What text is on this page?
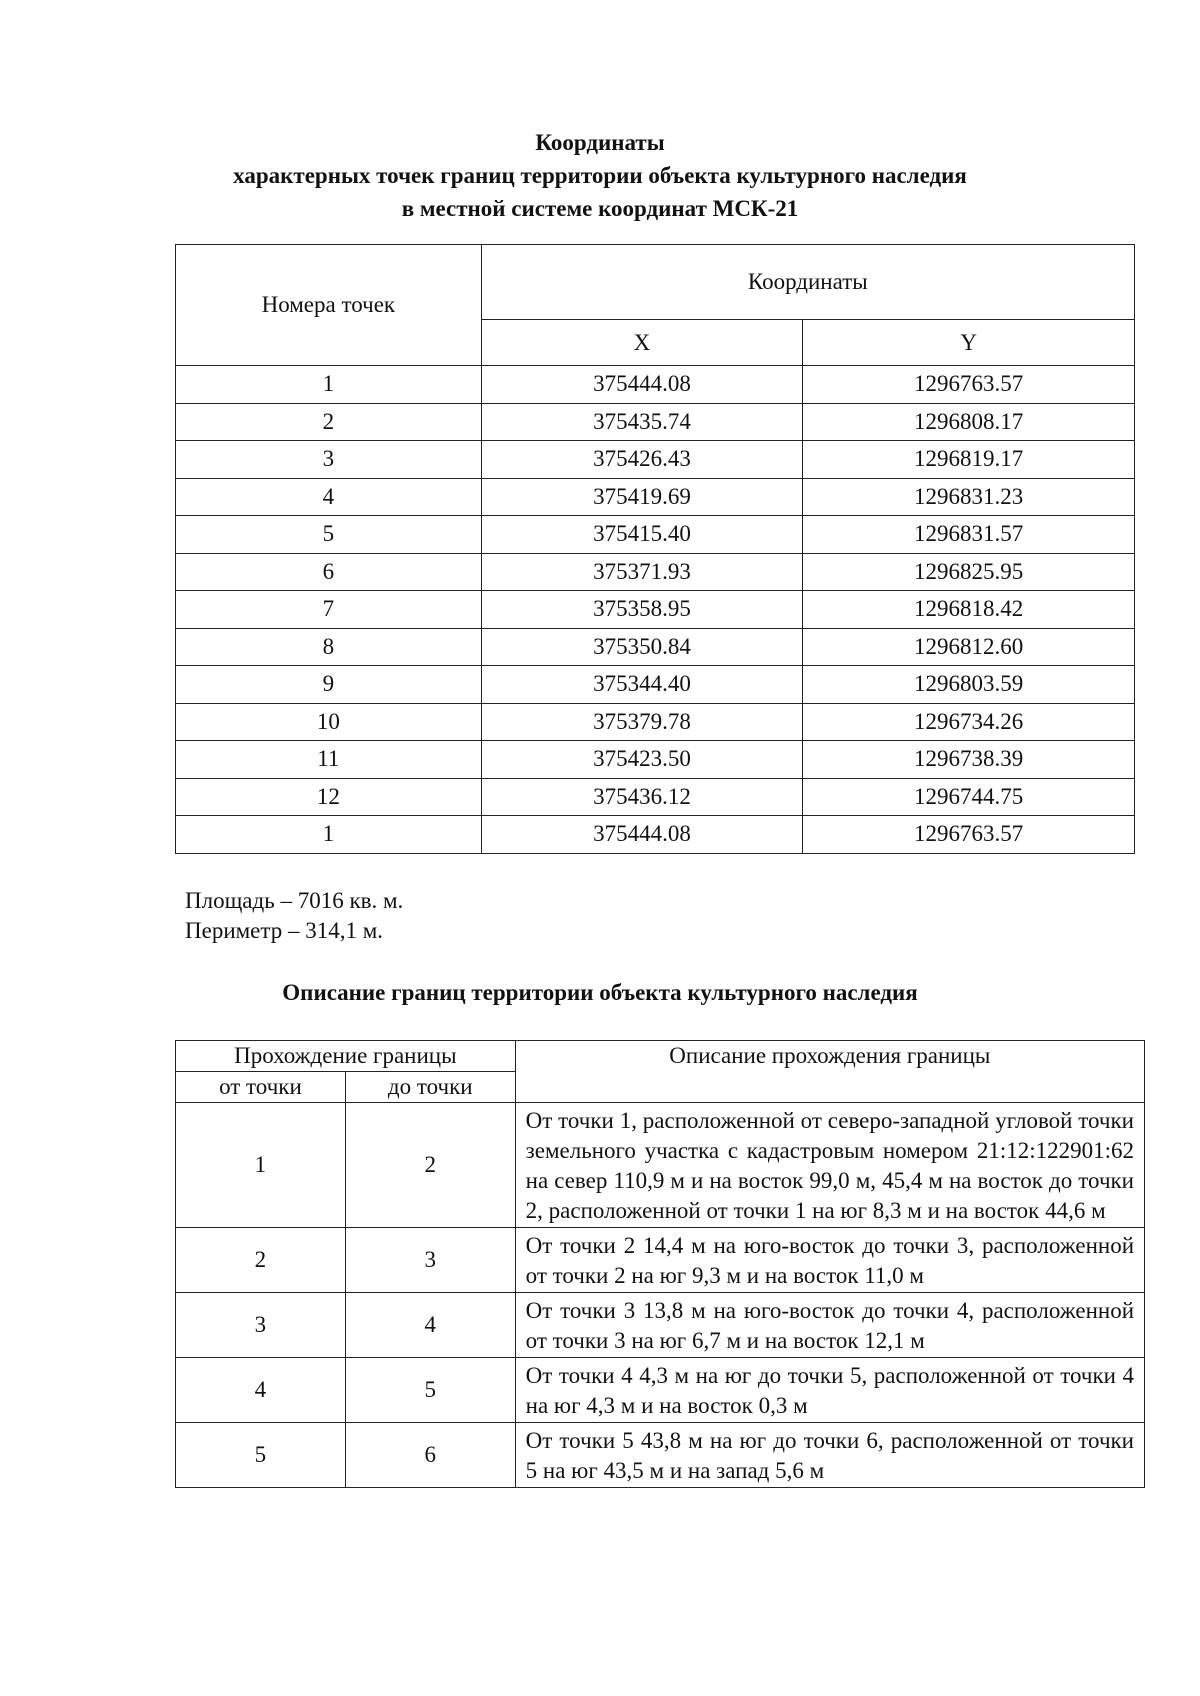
Координаты
характерных точек границ территории объекта культурного наследия
в местной системе координат МСК-21
Номера точек	Координаты	
	X	Y
1	375444.08	1296763.57
2	375435.74	1296808.17
3	375426.43	1296819.17
4	375419.69	1296831.23
5	375415.40	1296831.57
6	375371.93	1296825.95
7	375358.95	1296818.42
8	375350.84	1296812.60
9	375344.40	1296803.59
10	375379.78	1296734.26
11	375423.50	1296738.39
12	375436.12	1296744.75
1	375444.08	1296763.57
Площадь – 7016 кв. м.
Периметр – 314,1 м.
Описание границ территории объекта культурного наследия
Прохождение границы		Описание прохождения границы
от точки	до точки	
1	2	От точки 1, расположенной от северо-западной угловой точки земельного участка с кадастровым номером 21:12:122901:62 на север 110,9 м и на восток 99,0 м, 45,4 м на восток до точки 2, расположенной от точки 1 на юг 8,3 м и на восток 44,6 м
2	3	От точки 2 14,4 м на юго-восток до точки 3, расположенной от точки 2 на юг 9,3 м и на восток 11,0 м
3	4	От точки 3 13,8 м на юго-восток до точки 4, расположенной от точки 3 на юг 6,7 м и на восток 12,1 м
4	5	От точки 4 4,3 м на юг до точки 5, расположенной от точки 4 на юг 4,3 м и на восток 0,3 м
5	6	От точки 5 43,8 м на юг до точки 6, расположенной от точки 5 на юг 43,5 м и на запад 5,6 м
